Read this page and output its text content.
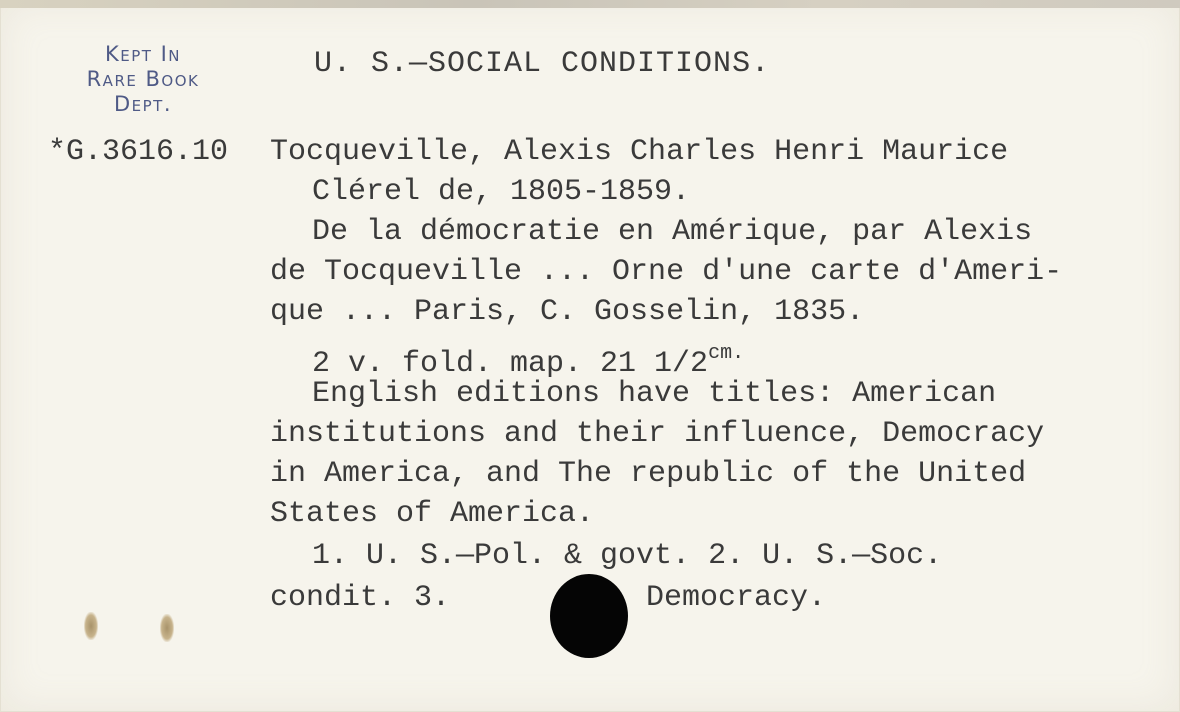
Kept In
Rare Book
Dept.
U. S.—SOCIAL CONDITIONS.
*G.3616.10 Tocqueville, Alexis Charles Henri Maurice
Clérel de, 1805-1859.
De la démocratie en Amérique, par Alexis
de Tocqueville ... Orne d'une carte d'Ameri-
que ... Paris, C. Gosselin, 1835.
2 v. fold. map. 21 $1/2^{cm.}$
English editions have titles: American
institutions and their influence, Democracy
in America, and The republic of the United
States of America.
1. U. S.—Pol. & govt. 2. U. S.—Soc.
condit. 3.	Democracy.
